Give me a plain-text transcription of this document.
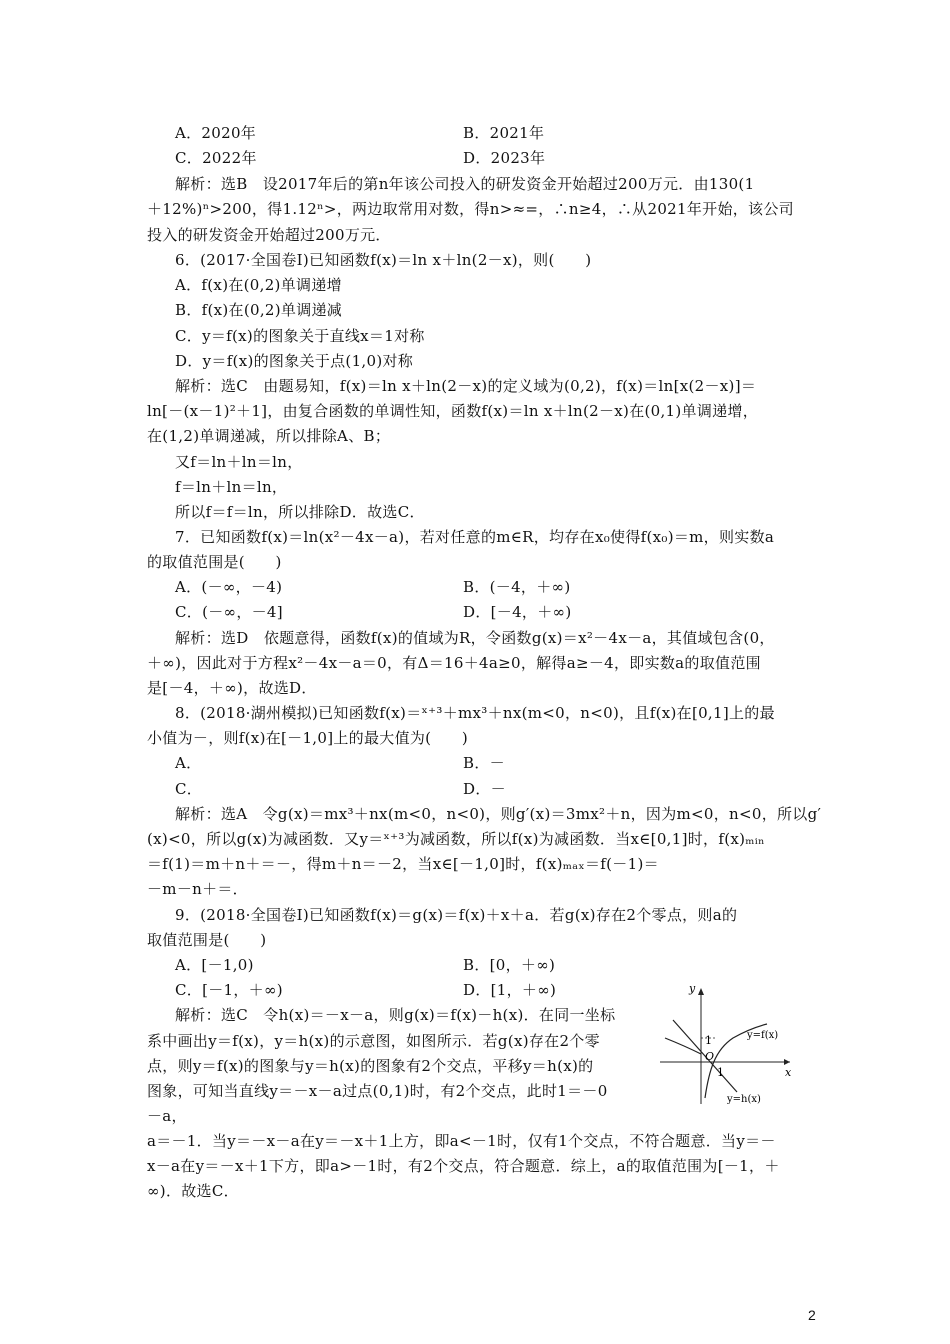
A．2020年	B．2021年
C．2022年	D．2023年
解析：选B　设2017年后的第n年该公司投入的研发资金开始超过200万元．由130(1
＋12%)ⁿ>200，得1.12ⁿ>，两边取常用对数，得n>≈=，∴n≥4，∴从2021年开始，该公司
投入的研发资金开始超过200万元．
6．(2017·全国卷Ⅰ)已知函数f(x)＝ln x＋ln(2－x)，则(　　)
A．f(x)在(0,2)单调递增
B．f(x)在(0,2)单调递减
C．y＝f(x)的图象关于直线x＝1对称
D．y＝f(x)的图象关于点(1,0)对称
解析：选C　由题易知，f(x)＝ln x＋ln(2－x)的定义域为(0,2)，f(x)＝ln[x(2－x)]＝
ln[－(x－1)²＋1]，由复合函数的单调性知，函数f(x)＝ln x＋ln(2－x)在(0,1)单调递增，
在(1,2)单调递减，所以排除A、B；
又f＝ln＋ln＝ln，
f＝ln＋ln＝ln，
所以f＝f＝ln，所以排除D．故选C．
7．已知函数f(x)＝ln(x²－4x－a)，若对任意的m∈R，均存在x₀使得f(x₀)＝m，则实数a
的取值范围是(　　)
A．(－∞，－4)	B．(－4，＋∞)
C．(－∞，－4]	D．[－4，＋∞)
解析：选D　依题意得，函数f(x)的值域为R，令函数g(x)＝x²－4x－a，其值域包含(0，
＋∞)，因此对于方程x²－4x－a＝0，有Δ＝16＋4a≥0，解得a≥－4，即实数a的取值范围
是[－4，＋∞)，故选D．
8．(2018·湖州模拟)已知函数f(x)＝ˣ⁺³＋mx³＋nx(m<0，n<0)，且f(x)在[0,1]上的最
小值为－，则f(x)在[－1,0]上的最大值为(　　)
A．	B．－
C．	D．－
解析：选A　令g(x)＝mx³＋nx(m<0，n<0)，则g′(x)＝3mx²＋n，因为m<0，n<0，所以g′
(x)<0，所以g(x)为减函数．又y＝ˣ⁺³为减函数，所以f(x)为减函数．当x∈[0,1]时，f(x)ₘᵢₙ
＝f(1)＝m＋n＋＝－，得m＋n＝－2，当x∈[－1,0]时，f(x)ₘₐₓ＝f(－1)＝
－m－n＋＝．
9．(2018·全国卷Ⅰ)已知函数f(x)＝g(x)＝f(x)＋x＋a．若g(x)存在2个零点，则a的
取值范围是(　　)
A．[－1,0)	B．[0，＋∞)
C．[－1，＋∞)	D．[1，＋∞)
解析：选C　令h(x)＝－x－a，则g(x)＝f(x)－h(x)．在同一坐标
系中画出y＝f(x)，y＝h(x)的示意图，如图所示．若g(x)存在2个零
点，则y＝f(x)的图象与y＝h(x)的图象有2个交点，平移y＝h(x)的
图象，可知当直线y＝－x－a过点(0,1)时，有2个交点，此时1＝－0
－a，
a＝－1．当y＝－x－a在y＝－x＋1上方，即a<－1时，仅有1个交点，不符合题意．当y＝－
x－a在y＝－x＋1下方，即a>－1时，有2个交点，符合题意．综上，a的取值范围为[－1，＋
∞)．故选C．
y
x
1
O
1
y=f(x)
y=h(x)
2
